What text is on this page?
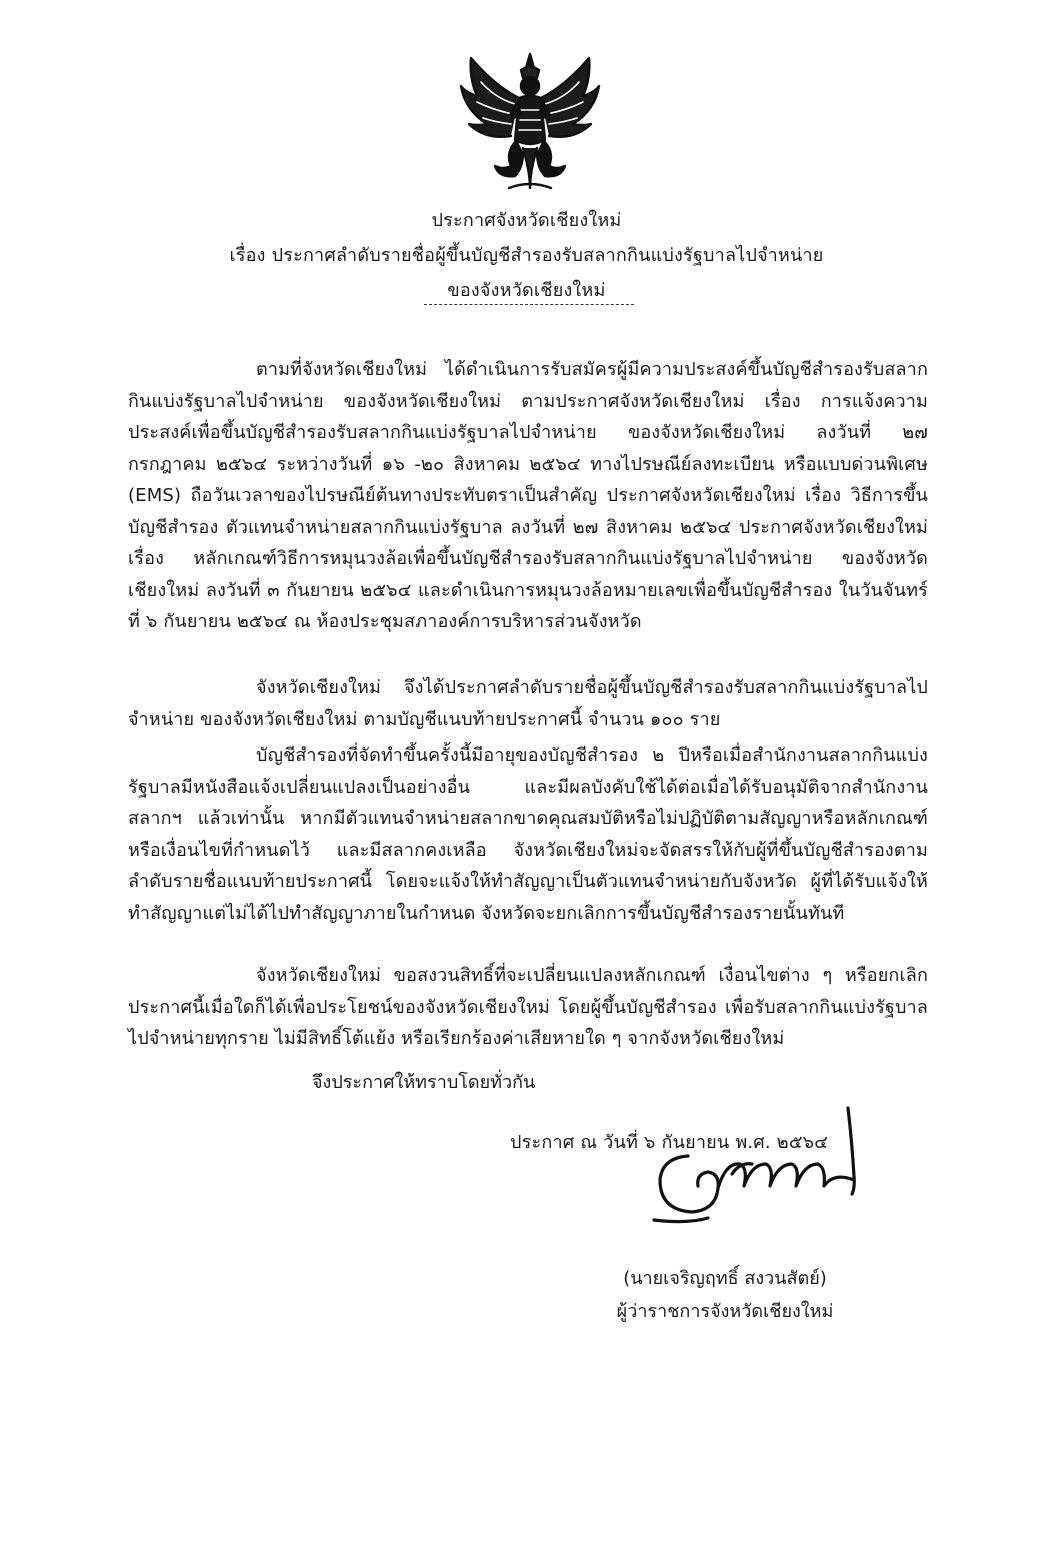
ประกาศจังหวัดเชียงใหม่
เรื่อง ประกาศลำดับรายชื่อผู้ขึ้นบัญชีสำรองรับสลากกินแบ่งรัฐบาลไปจำหน่าย
ของจังหวัดเชียงใหม่
ตามที่จังหวัดเชียงใหม่ ได้ดำเนินการรับสมัครผู้มีความประสงค์ขึ้นบัญชีสำรองรับสลากกินแบ่งรัฐบาลไปจำหน่าย ของจังหวัดเชียงใหม่ ตามประกาศจังหวัดเชียงใหม่ เรื่อง การแจ้งความประสงค์เพื่อขึ้นบัญชีสำรองรับสลากกินแบ่งรัฐบาลไปจำหน่าย ของจังหวัดเชียงใหม่ ลงวันที่ ๒๗ กรกฎาคม ๒๕๖๔ ระหว่างวันที่ ๑๖ -๒๐ สิงหาคม ๒๕๖๔ ทางไปรษณีย์ลงทะเบียน หรือแบบด่วนพิเศษ (EMS) ถือวันเวลาของไปรษณีย์ต้นทางประทับตราเป็นสำคัญ ประกาศจังหวัดเชียงใหม่ เรื่อง วิธีการขึ้นบัญชีสำรอง ตัวแทนจำหน่ายสลากกินแบ่งรัฐบาล ลงวันที่ ๒๗ สิงหาคม ๒๕๖๔ ประกาศจังหวัดเชียงใหม่ เรื่อง หลักเกณฑ์วิธีการหมุนวงล้อเพื่อขึ้นบัญชีสำรองรับสลากกินแบ่งรัฐบาลไปจำหน่าย ของจังหวัดเชียงใหม่ ลงวันที่ ๓ กันยายน ๒๕๖๔ และดำเนินการหมุนวงล้อหมายเลขเพื่อขึ้นบัญชีสำรอง ในวันจันทร์ที่ ๖ กันยายน ๒๕๖๔ ณ ห้องประชุมสภาองค์การบริหารส่วนจังหวัด
จังหวัดเชียงใหม่ จึงได้ประกาศลำดับรายชื่อผู้ขึ้นบัญชีสำรองรับสลากกินแบ่งรัฐบาลไปจำหน่าย ของจังหวัดเชียงใหม่ ตามบัญชีแนบท้ายประกาศนี้ จำนวน ๑๐๐ ราย
บัญชีสำรองที่จัดทำขึ้นครั้งนี้มีอายุของบัญชีสำรอง ๒ ปีหรือเมื่อสำนักงานสลากกินแบ่งรัฐบาลมีหนังสือแจ้งเปลี่ยนแปลงเป็นอย่างอื่น และมีผลบังคับใช้ได้ต่อเมื่อได้รับอนุมัติจากสำนักงานสลากฯ แล้วเท่านั้น หากมีตัวแทนจำหน่ายสลากขาดคุณสมบัติหรือไม่ปฏิบัติตามสัญญาหรือหลักเกณฑ์หรือเงื่อนไขที่กำหนดไว้ และมีสลากคงเหลือ จังหวัดเชียงใหม่จะจัดสรรให้กับผู้ที่ขึ้นบัญชีสำรองตามลำดับรายชื่อแนบท้ายประกาศนี้ โดยจะแจ้งให้ทำสัญญาเป็นตัวแทนจำหน่ายกับจังหวัด ผู้ที่ได้รับแจ้งให้ทำสัญญาแต่ไม่ได้ไปทำสัญญาภายในกำหนด จังหวัดจะยกเลิกการขึ้นบัญชีสำรองรายนั้นทันที
จังหวัดเชียงใหม่ ขอสงวนสิทธิ์ที่จะเปลี่ยนแปลงหลักเกณฑ์ เงื่อนไขต่าง ๆ หรือยกเลิกประกาศนี้เมื่อใดก็ได้เพื่อประโยชน์ของจังหวัดเชียงใหม่ โดยผู้ขึ้นบัญชีสำรอง เพื่อรับสลากกินแบ่งรัฐบาลไปจำหน่ายทุกราย ไม่มีสิทธิ์โต้แย้ง หรือเรียกร้องค่าเสียหายใด ๆ จากจังหวัดเชียงใหม่
จึงประกาศให้ทราบโดยทั่วกัน
ประกาศ ณ วันที่ ๖ กันยายน พ.ศ. ๒๕๖๔
(นายเจริญฤทธิ์ สงวนสัตย์)
ผู้ว่าราชการจังหวัดเชียงใหม่
